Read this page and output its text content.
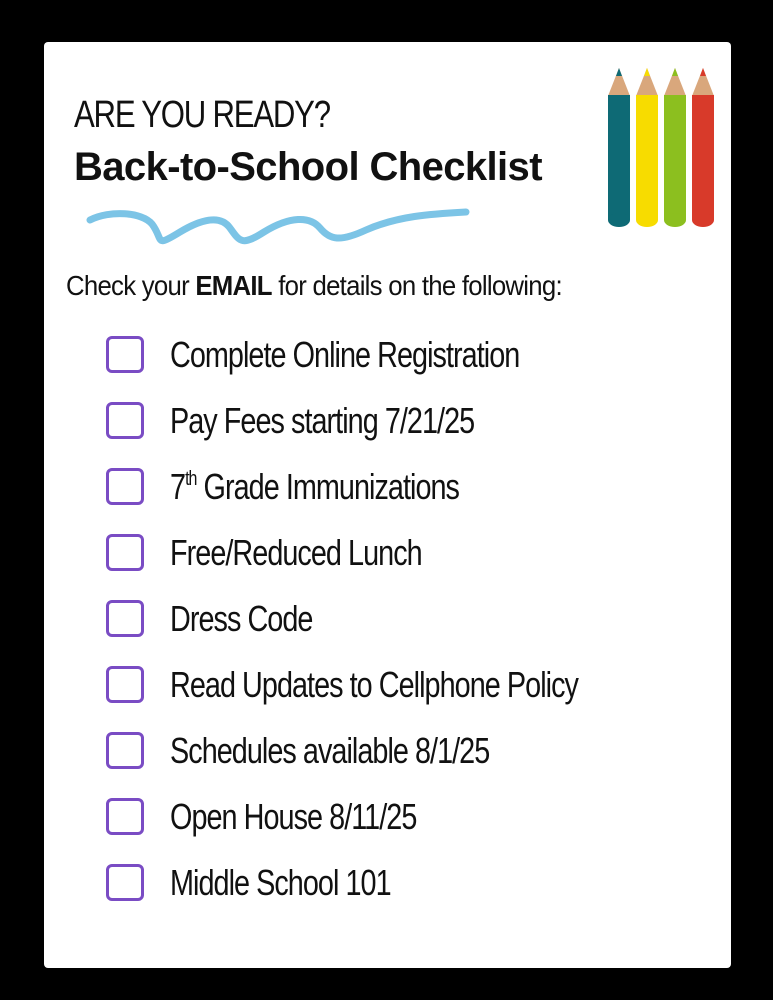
ARE YOU READY?
Back-to-School Checklist
Check your EMAIL for details on the following:
Complete Online Registration
Pay Fees starting 7/21/25
7th Grade Immunizations
Free/Reduced Lunch
Dress Code
Read Updates to Cellphone Policy
Schedules available 8/1/25
Open House 8/11/25
Middle School 101
